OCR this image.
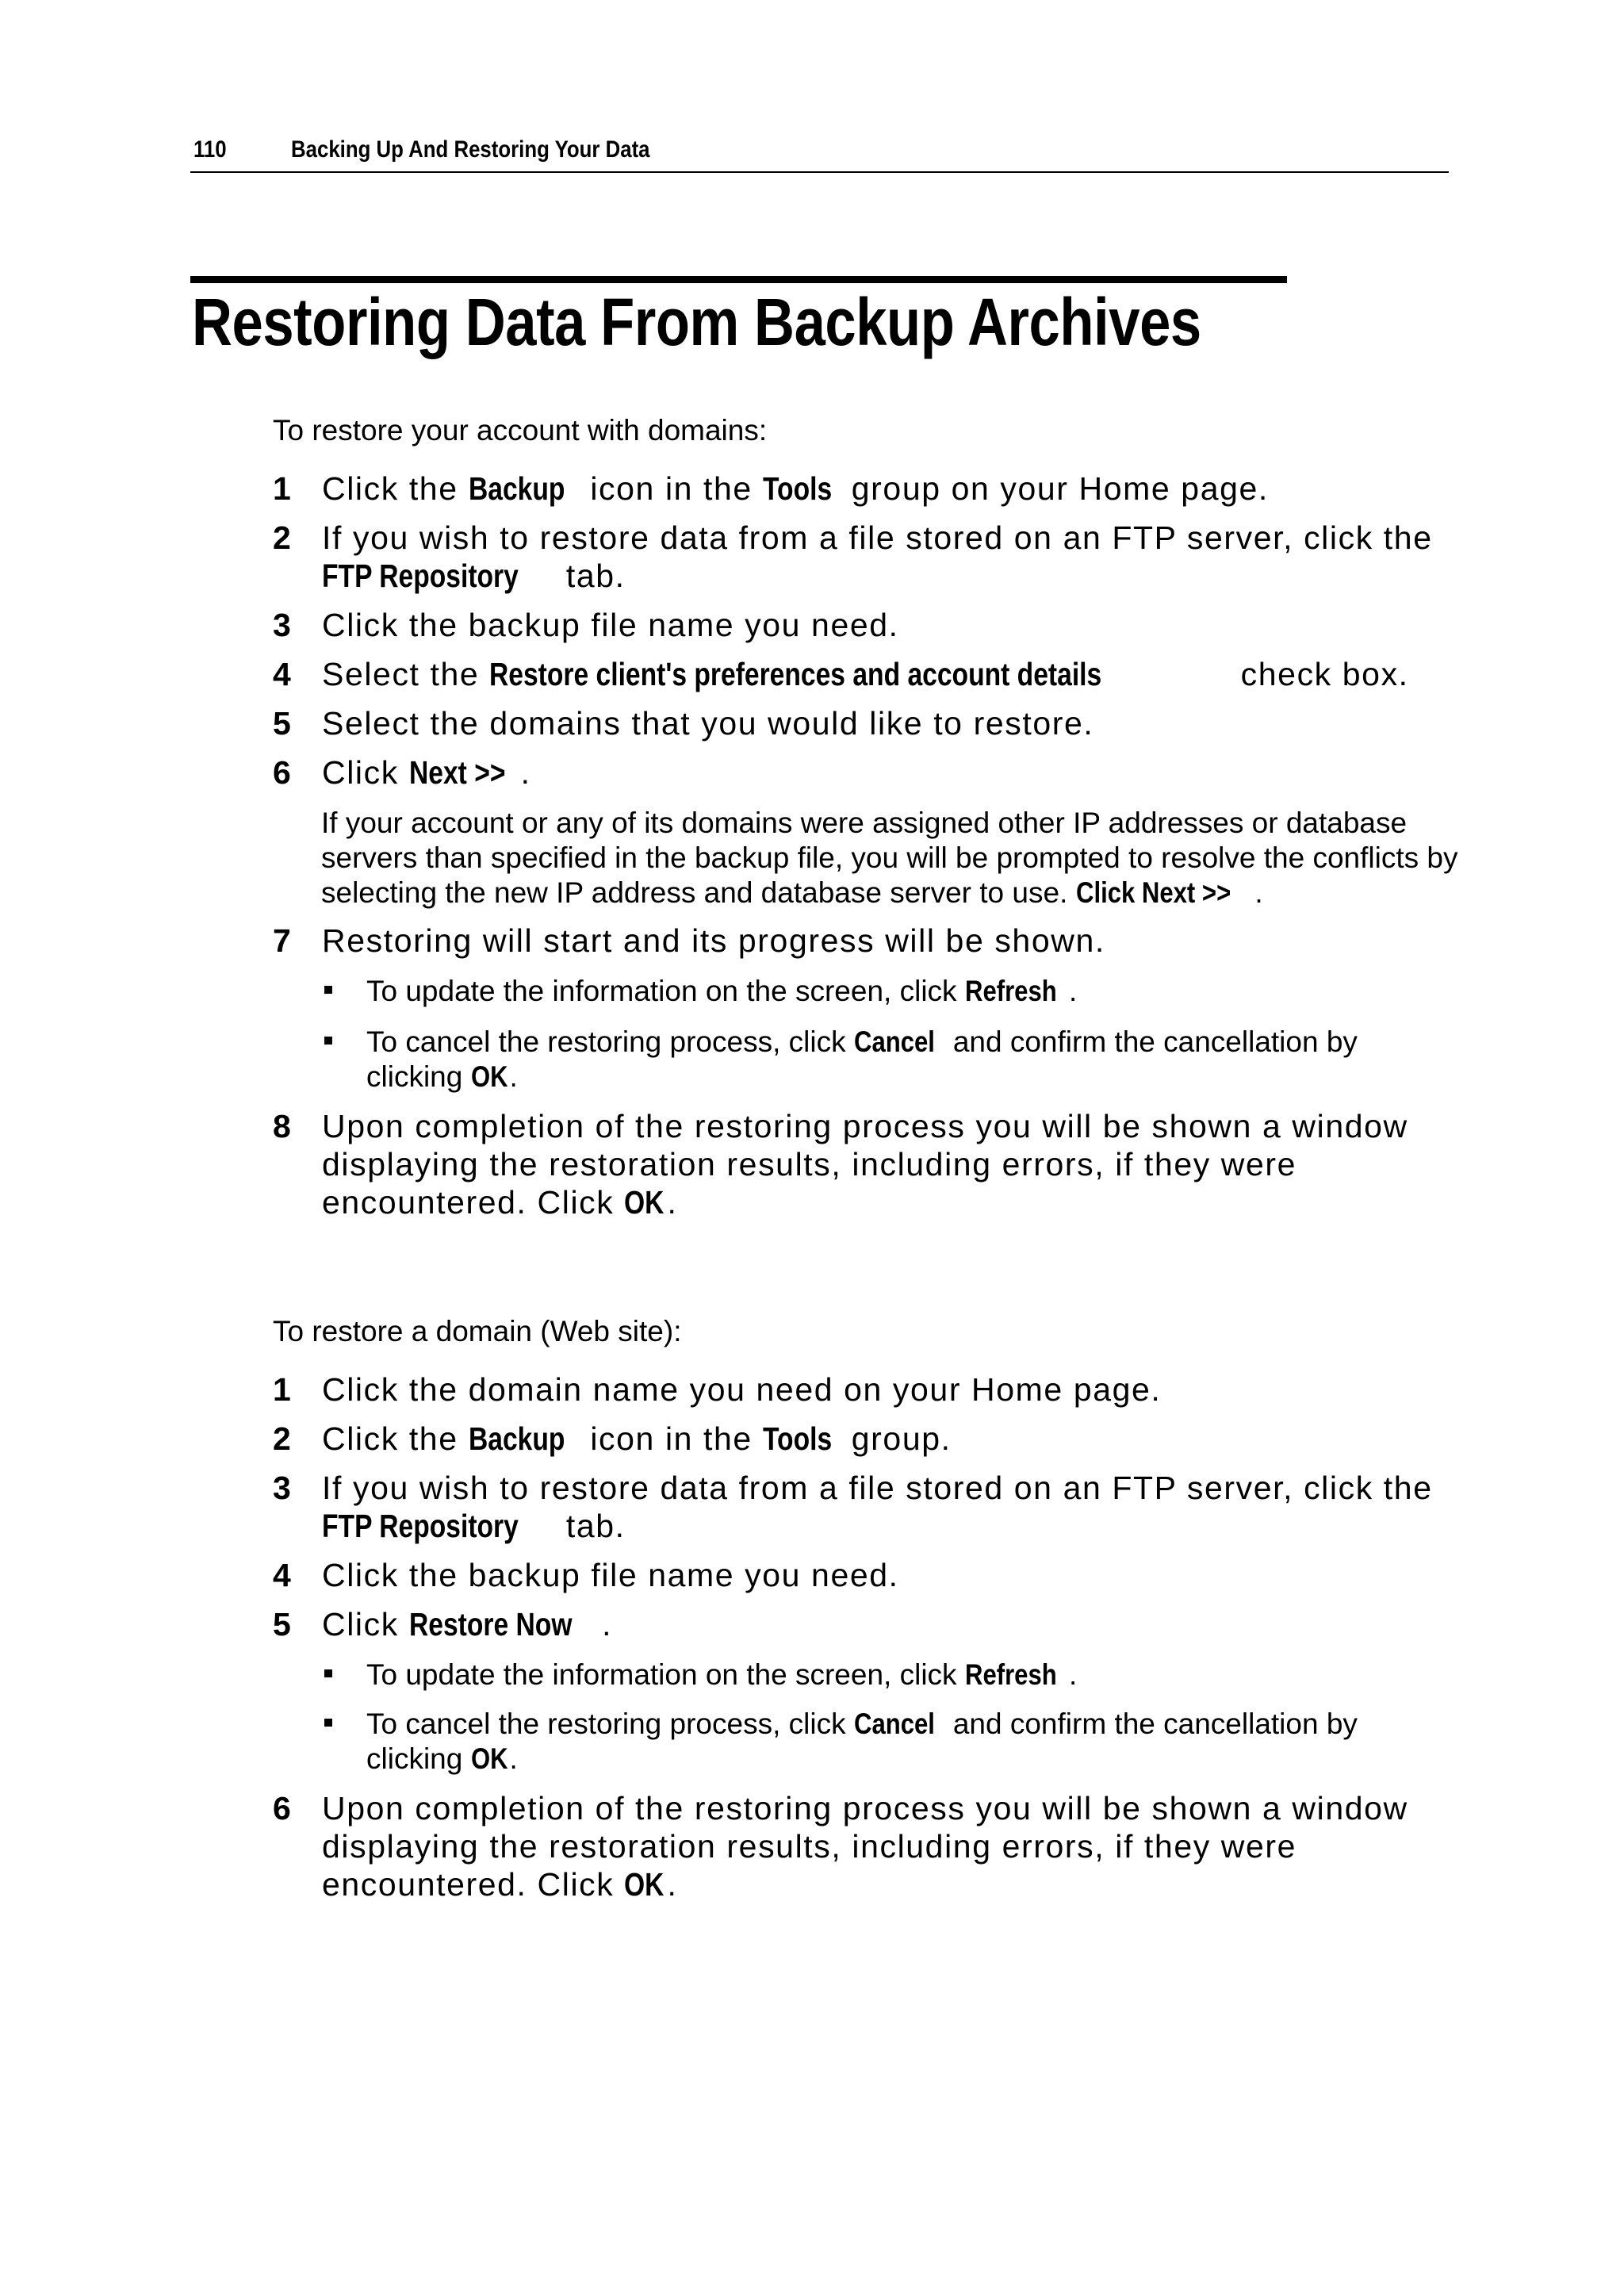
110	Backing Up And Restoring Your Data
Restoring Data From Backup Archives

To restore your account with domains:

1 Click the Backup icon in the Tools group on your Home page.
2 If you wish to restore data from a file stored on an FTP server, click the FTP Repository tab.
3 Click the backup file name you need.
4 Select the Restore client's preferences and account details	check box.
5 Select the domains that you would like to restore.
6 Click Next >> .
If your account or any of its domains were assigned other IP addresses or database servers than specified in the backup file, you will be prompted to resolve the conflicts by selecting the new IP address and database server to use. Click Next >> .
7 Restoring will start and its progress will be shown.
To update the information on the screen, click Refresh .
To cancel the restoring process, click Cancel and confirm the cancellation by clicking OK.
8 Upon completion of the restoring process you will be shown a window displaying the restoration results, including errors, if they were encountered. Click OK.

To restore a domain (Web site):

1 Click the domain name you need on your Home page.
2 Click the Backup icon in the Tools group.
3 If you wish to restore data from a file stored on an FTP server, click the FTP Repository tab.
4 Click the backup file name you need.
5 Click Restore Now .
To update the information on the screen, click Refresh .
To cancel the restoring process, click Cancel and confirm the cancellation by clicking OK.
6 Upon completion of the restoring process you will be shown a window displaying the restoration results, including errors, if they were encountered. Click OK.
